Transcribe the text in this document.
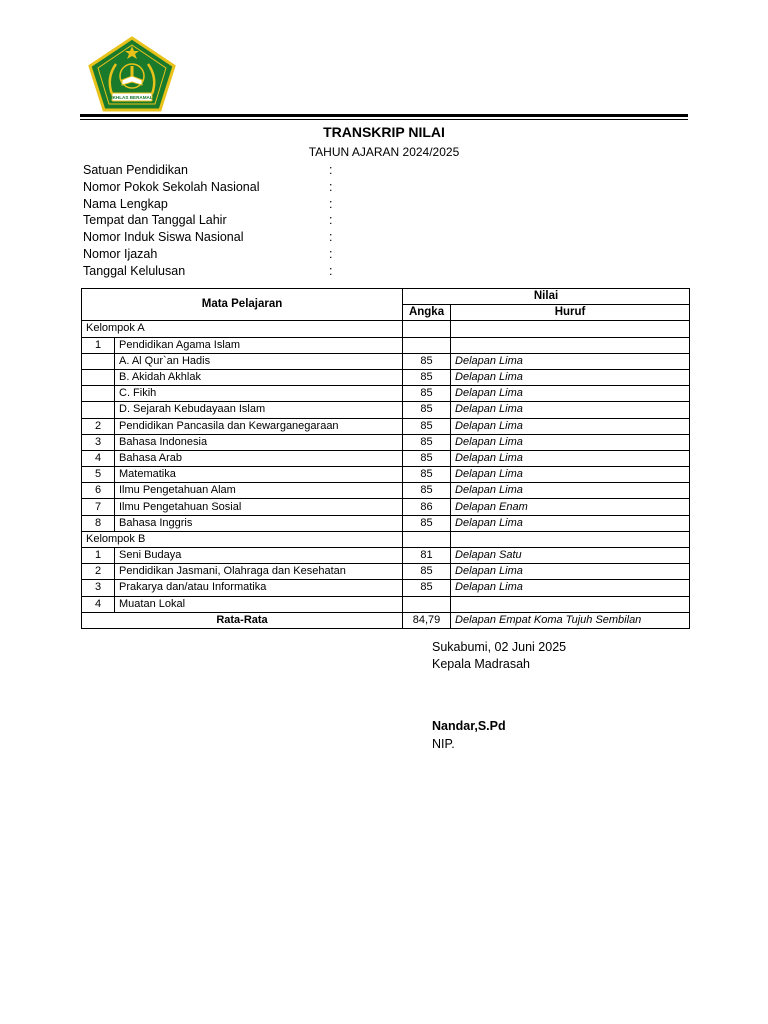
IKHLAS BERAMAL
TRANSKRIP NILAI
TAHUN AJARAN 2024/2025
Satuan Pendidikan	:
Nomor Pokok Sekolah Nasional	:
Nama Lengkap	:
Tempat dan Tanggal Lahir	:
Nomor Induk Siswa Nasional	:
Nomor Ijazah	:
Tanggal Kelulusan	:
Mata Pelajaran		Nilai	
		Angka	Huruf
Kelompok A			
1	Pendidikan Agama Islam		
	A. Al Qur`an Hadis	85	Delapan Lima
	B. Akidah Akhlak	85	Delapan Lima
	C. Fikih	85	Delapan Lima
	D. Sejarah Kebudayaan Islam	85	Delapan Lima
2	Pendidikan Pancasila dan Kewarganegaraan	85	Delapan Lima
3	Bahasa Indonesia	85	Delapan Lima
4	Bahasa Arab	85	Delapan Lima
5	Matematika	85	Delapan Lima
6	Ilmu Pengetahuan Alam	85	Delapan Lima
7	Ilmu Pengetahuan Sosial	86	Delapan Enam
8	Bahasa Inggris	85	Delapan Lima
Kelompok B			
1	Seni Budaya	81	Delapan Satu
2	Pendidikan Jasmani, Olahraga dan Kesehatan	85	Delapan Lima
3	Prakarya dan/atau Informatika	85	Delapan Lima
4	Muatan Lokal		
Rata-Rata		84,79	Delapan Empat Koma Tujuh Sembilan
Sukabumi, 02 Juni 2025
Kepala Madrasah
Nandar,S.Pd
NIP.
